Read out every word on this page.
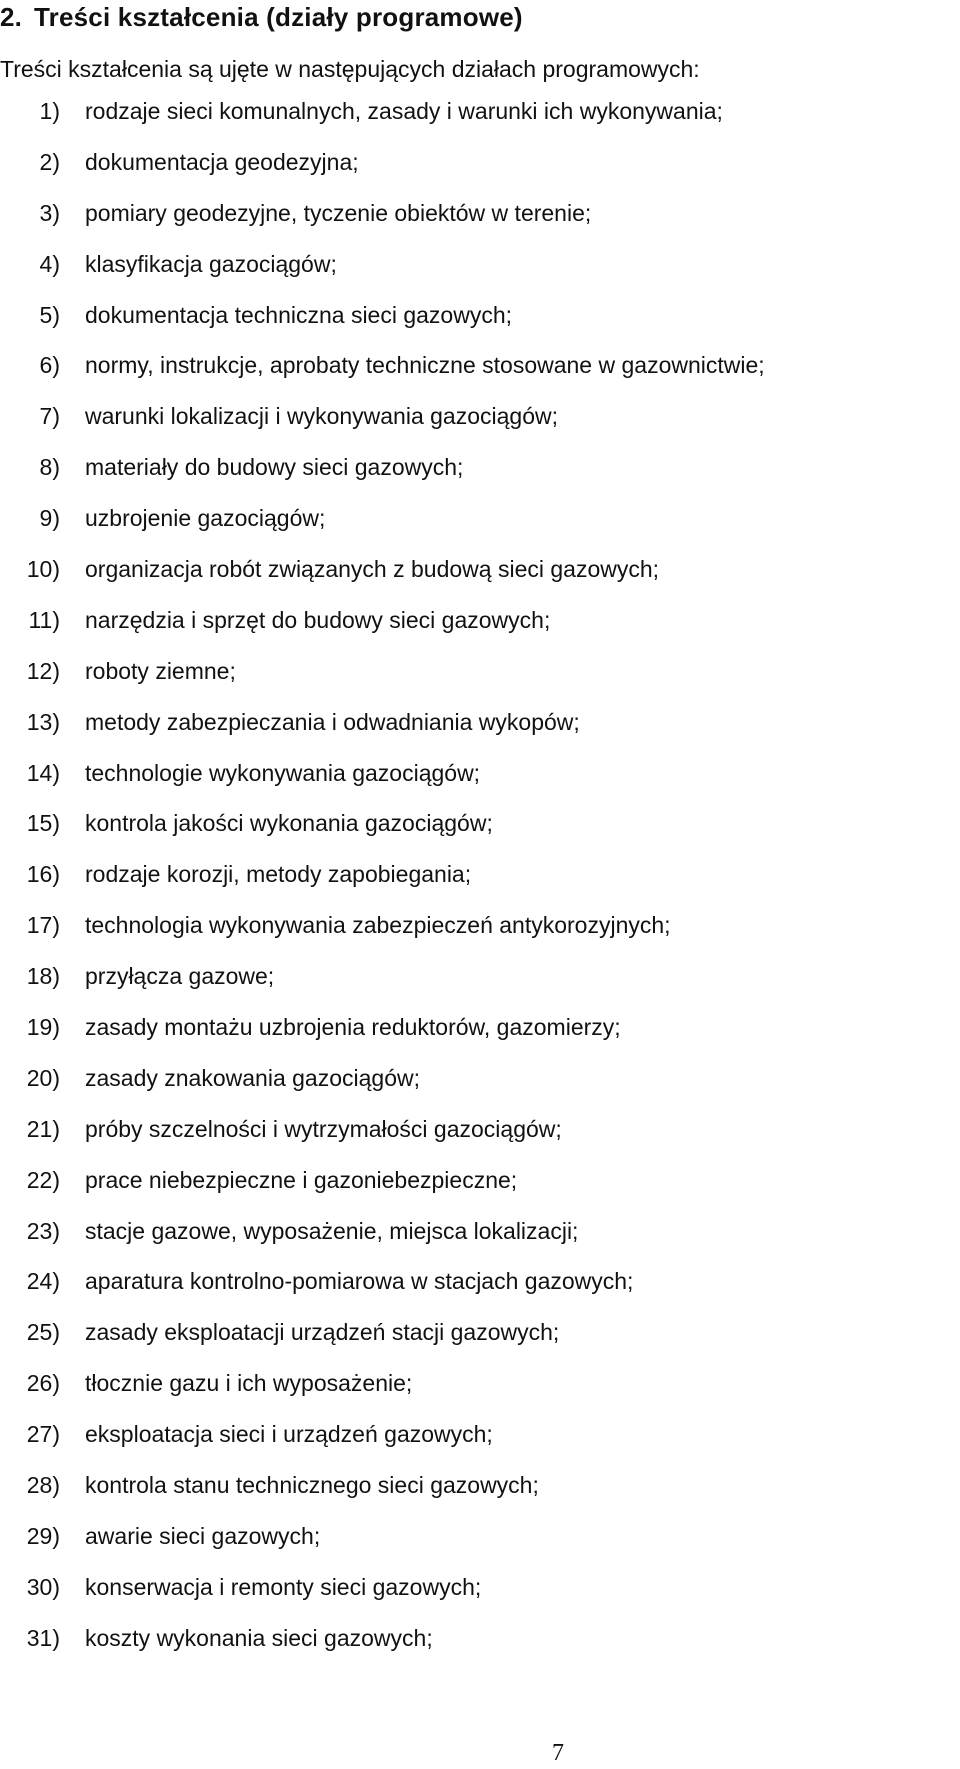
2. Treści kształcenia (działy programowe)
Treści kształcenia są ujęte w następujących działach programowych:
1)	rodzaje sieci komunalnych, zasady i warunki ich wykonywania;
2)	dokumentacja geodezyjna;
3)	pomiary geodezyjne, tyczenie obiektów w terenie;
4)	klasyfikacja gazociągów;
5)	dokumentacja techniczna sieci gazowych;
6)	normy, instrukcje, aprobaty techniczne stosowane w gazownictwie;
7)	warunki lokalizacji i wykonywania gazociągów;
8)	materiały do budowy sieci gazowych;
9)	uzbrojenie gazociągów;
10)	organizacja robót związanych z budową sieci gazowych;
11)	narzędzia i sprzęt do budowy sieci gazowych;
12)	roboty ziemne;
13)	metody zabezpieczania i odwadniania wykopów;
14)	technologie wykonywania gazociągów;
15)	kontrola jakości wykonania gazociągów;
16)	rodzaje korozji, metody zapobiegania;
17)	technologia wykonywania zabezpieczeń antykorozyjnych;
18)	przyłącza gazowe;
19)	zasady montażu uzbrojenia reduktorów, gazomierzy;
20)	zasady znakowania gazociągów;
21)	próby szczelności i wytrzymałości gazociągów;
22)	prace niebezpieczne i gazoniebezpieczne;
23)	stacje gazowe, wyposażenie, miejsca lokalizacji;
24)	aparatura kontrolno-pomiarowa w stacjach gazowych;
25)	zasady eksploatacji urządzeń stacji gazowych;
26)	tłocznie gazu i ich wyposażenie;
27)	eksploatacja sieci i urządzeń gazowych;
28)	kontrola stanu technicznego sieci gazowych;
29)	awarie sieci gazowych;
30)	konserwacja i remonty sieci gazowych;
31)	koszty wykonania sieci gazowych;
7
